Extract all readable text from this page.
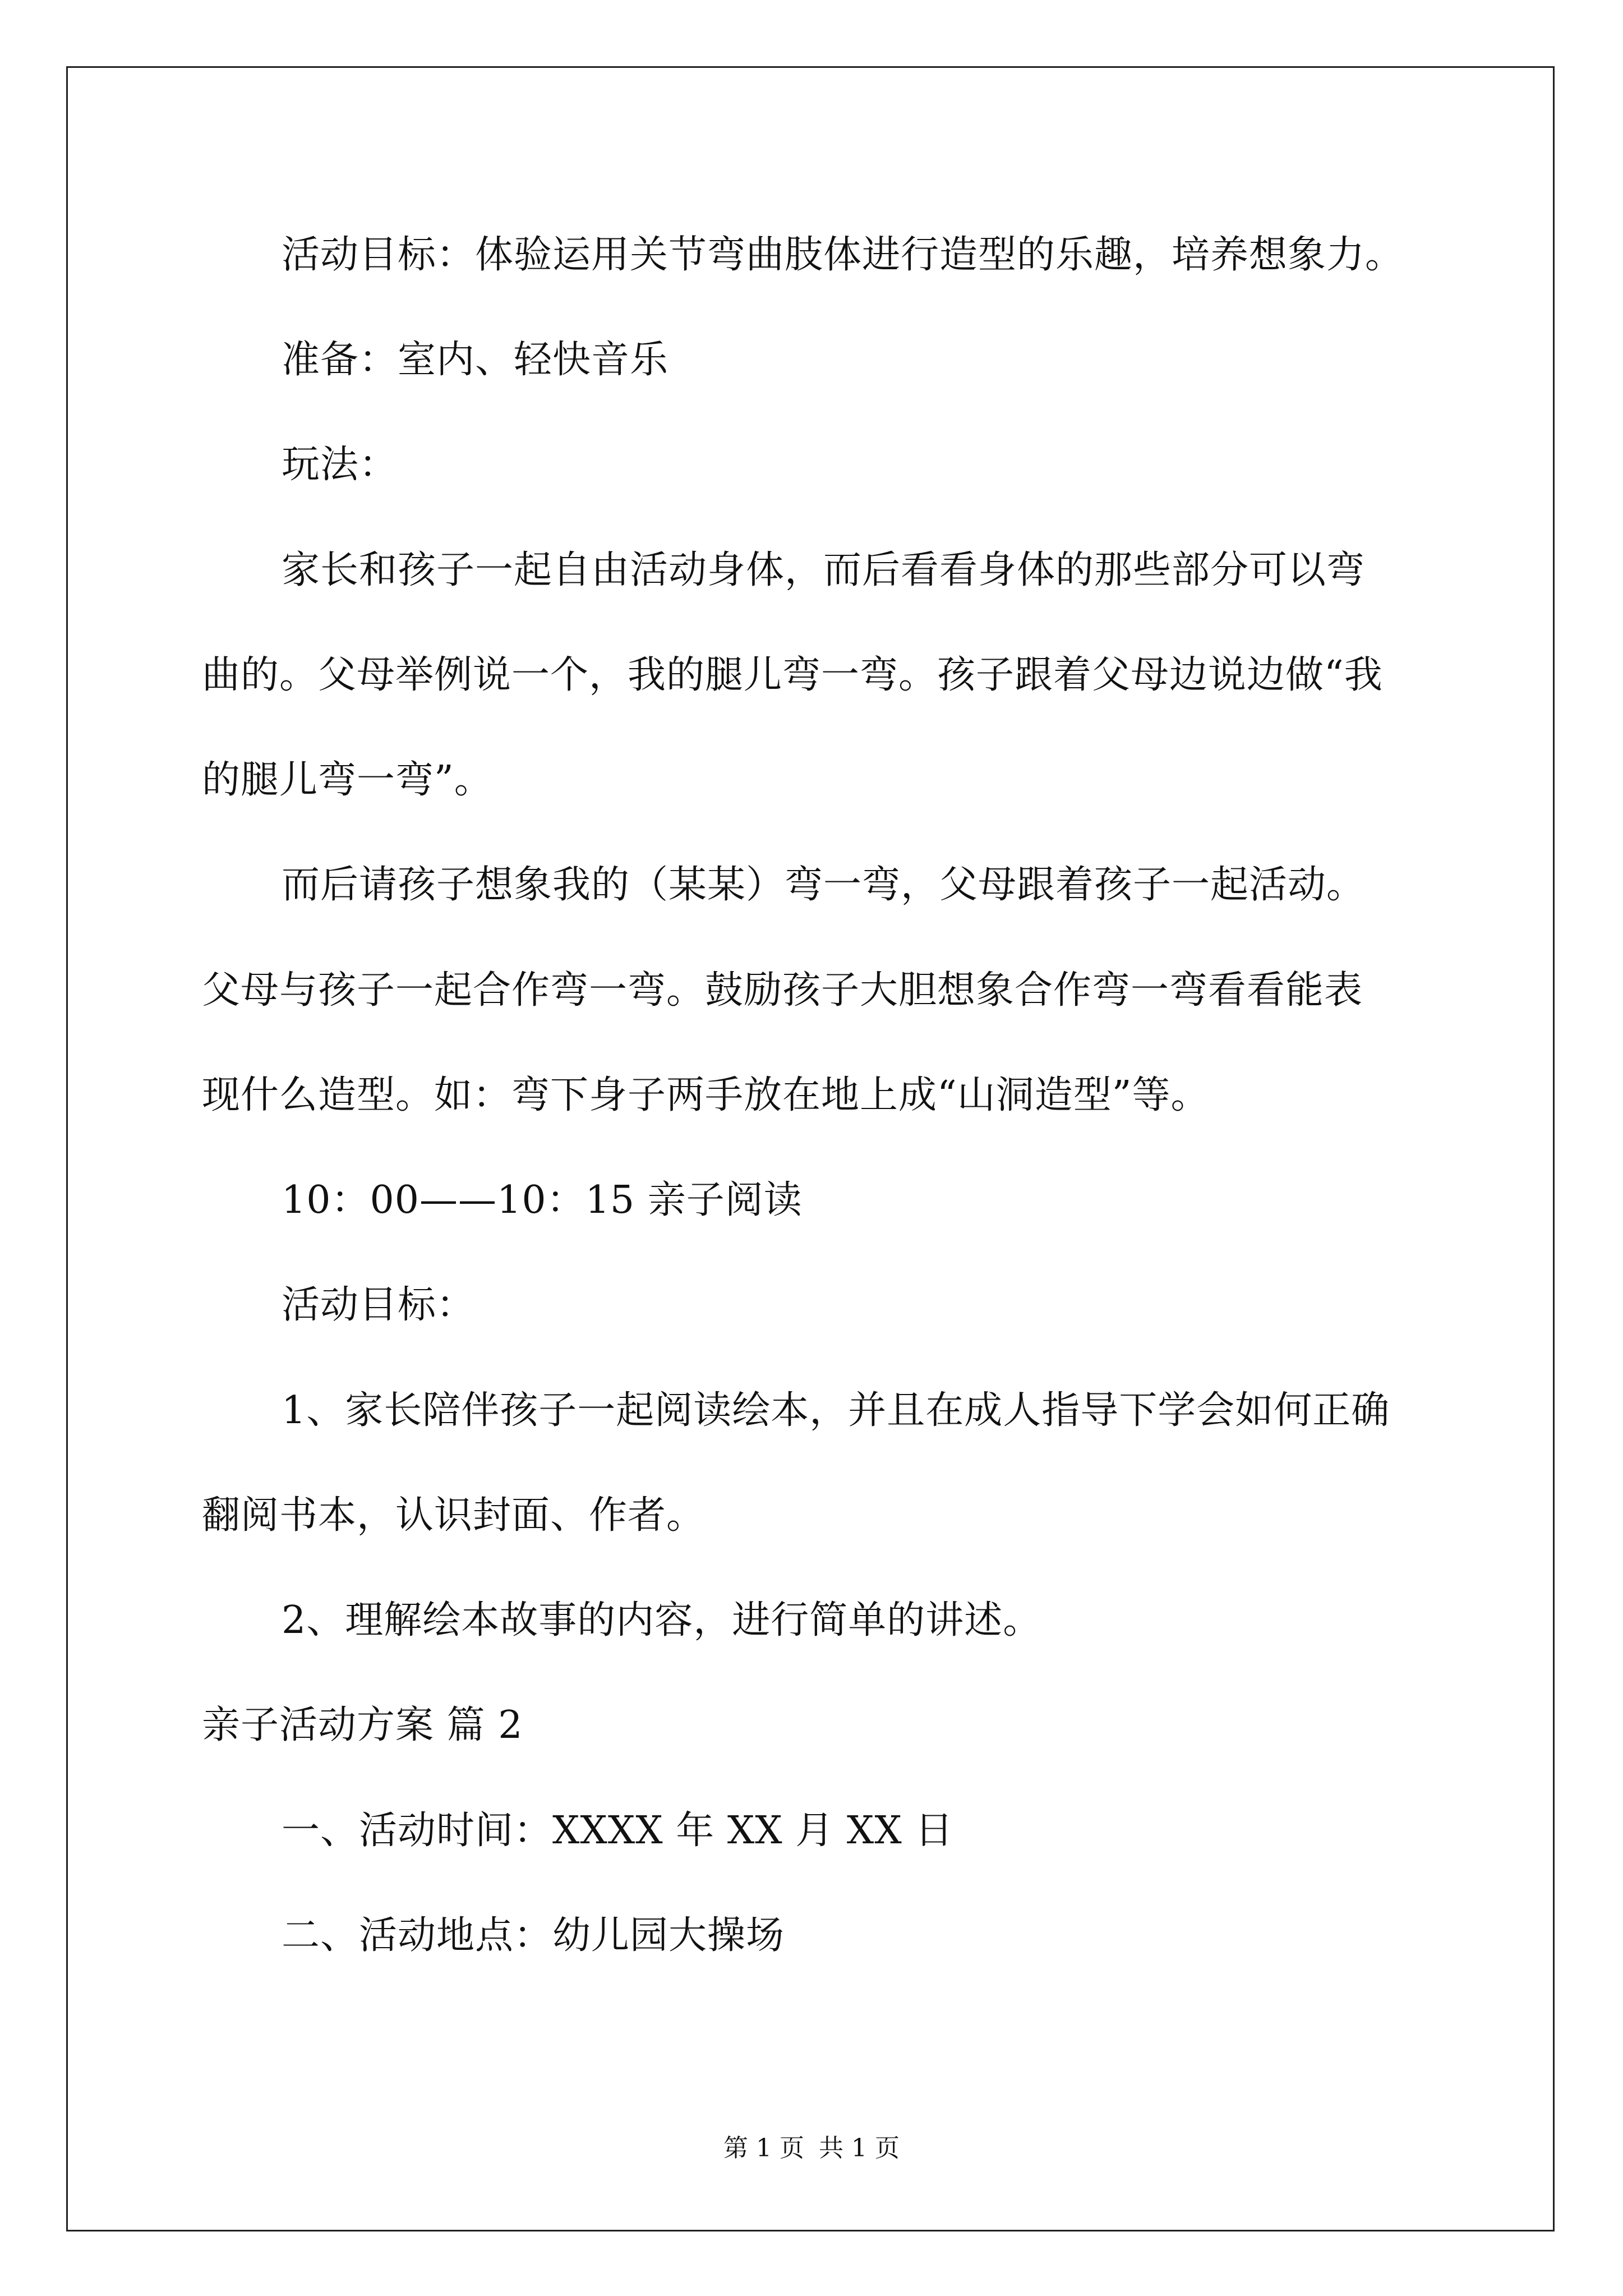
活动目标：体验运用关节弯曲肢体进行造型的乐趣，培养想象力。
准备：室内、轻快音乐
玩法：
家长和孩子一起自由活动身体，而后看看身体的那些部分可以弯
曲的。父母举例说一个，我的腿儿弯一弯。孩子跟着父母边说边做“我
的腿儿弯一弯”。
而后请孩子想象我的（某某）弯一弯，父母跟着孩子一起活动。
父母与孩子一起合作弯一弯。鼓励孩子大胆想象合作弯一弯看看能表
现什么造型。如：弯下身子两手放在地上成“山洞造型”等。
10：00——10：15 亲子阅读
活动目标：
1、家长陪伴孩子一起阅读绘本，并且在成人指导下学会如何正确
翻阅书本，认识封面、作者。
2、理解绘本故事的内容，进行简单的讲述。
亲子活动方案 篇 2
一、活动时间：XXXX 年 XX 月 XX 日
二、活动地点：幼儿园大操场
第 1 页 共 1 页
